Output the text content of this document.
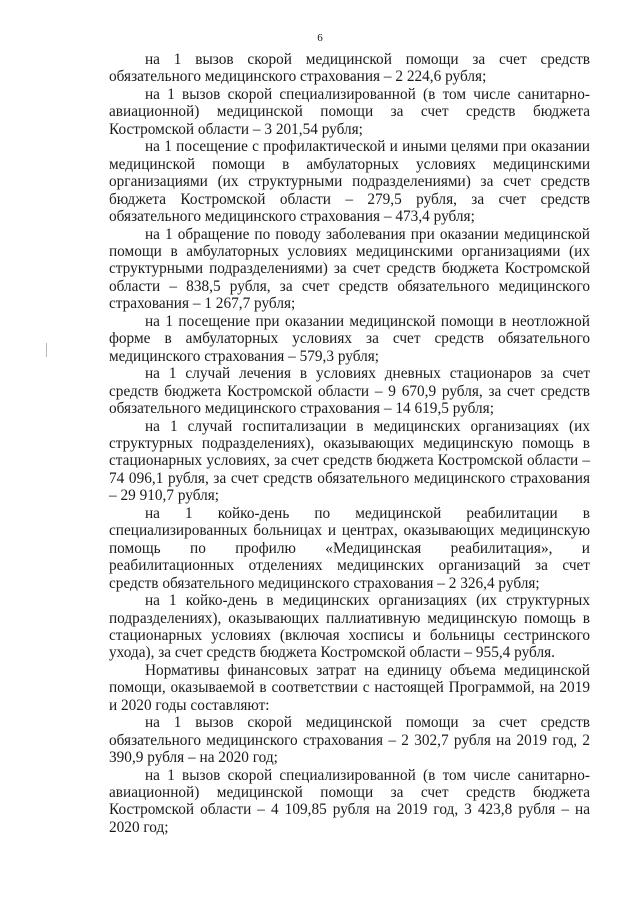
6

на 1 вызов скорой медицинской помощи за счет средств обязательного медицинского страхования – 2 224,6 рубля;

на 1 вызов скорой специализированной (в том числе санитарно-авиационной) медицинской помощи за счет средств бюджета Костромской области – 3 201,54 рубля;

на 1 посещение с профилактической и иными целями при оказании медицинской помощи в амбулаторных условиях медицинскими организациями (их структурными подразделениями) за счет средств бюджета Костромской области – 279,5 рубля, за счет средств обязательного медицинского страхования – 473,4 рубля;

на 1 обращение по поводу заболевания при оказании медицинской помощи в амбулаторных условиях медицинскими организациями (их структурными подразделениями) за счет средств бюджета Костромской области – 838,5 рубля, за счет средств обязательного медицинского страхования – 1 267,7 рубля;

на 1 посещение при оказании медицинской помощи в неотложной форме в амбулаторных условиях за счет средств обязательного медицинского страхования – 579,3 рубля;

на 1 случай лечения в условиях дневных стационаров за счет средств бюджета Костромской области – 9 670,9 рубля, за счет средств обязательного медицинского страхования – 14 619,5 рубля;

на 1 случай госпитализации в медицинских организациях (их структурных подразделениях), оказывающих медицинскую помощь в стационарных условиях, за счет средств бюджета Костромской области – 74 096,1 рубля, за счет средств обязательного медицинского страхования – 29 910,7 рубля;

на 1 койко-день по медицинской реабилитации в специализированных больницах и центрах, оказывающих медицинскую помощь по профилю «Медицинская реабилитация», и реабилитационных отделениях медицинских организаций за счет средств обязательного медицинского страхования – 2 326,4 рубля;

на 1 койко-день в медицинских организациях (их структурных подразделениях), оказывающих паллиативную медицинскую помощь в стационарных условиях (включая хосписы и больницы сестринского ухода), за счет средств бюджета Костромской области – 955,4 рубля.

Нормативы финансовых затрат на единицу объема медицинской помощи, оказываемой в соответствии с настоящей Программой, на 2019 и 2020 годы составляют:

на 1 вызов скорой медицинской помощи за счет средств обязательного медицинского страхования – 2 302,7 рубля на 2019 год, 2 390,9 рубля – на 2020 год;

на 1 вызов скорой специализированной (в том числе санитарно-авиационной) медицинской помощи за счет средств бюджета Костромской области – 4 109,85 рубля на 2019 год, 3 423,8 рубля – на 2020 год;
